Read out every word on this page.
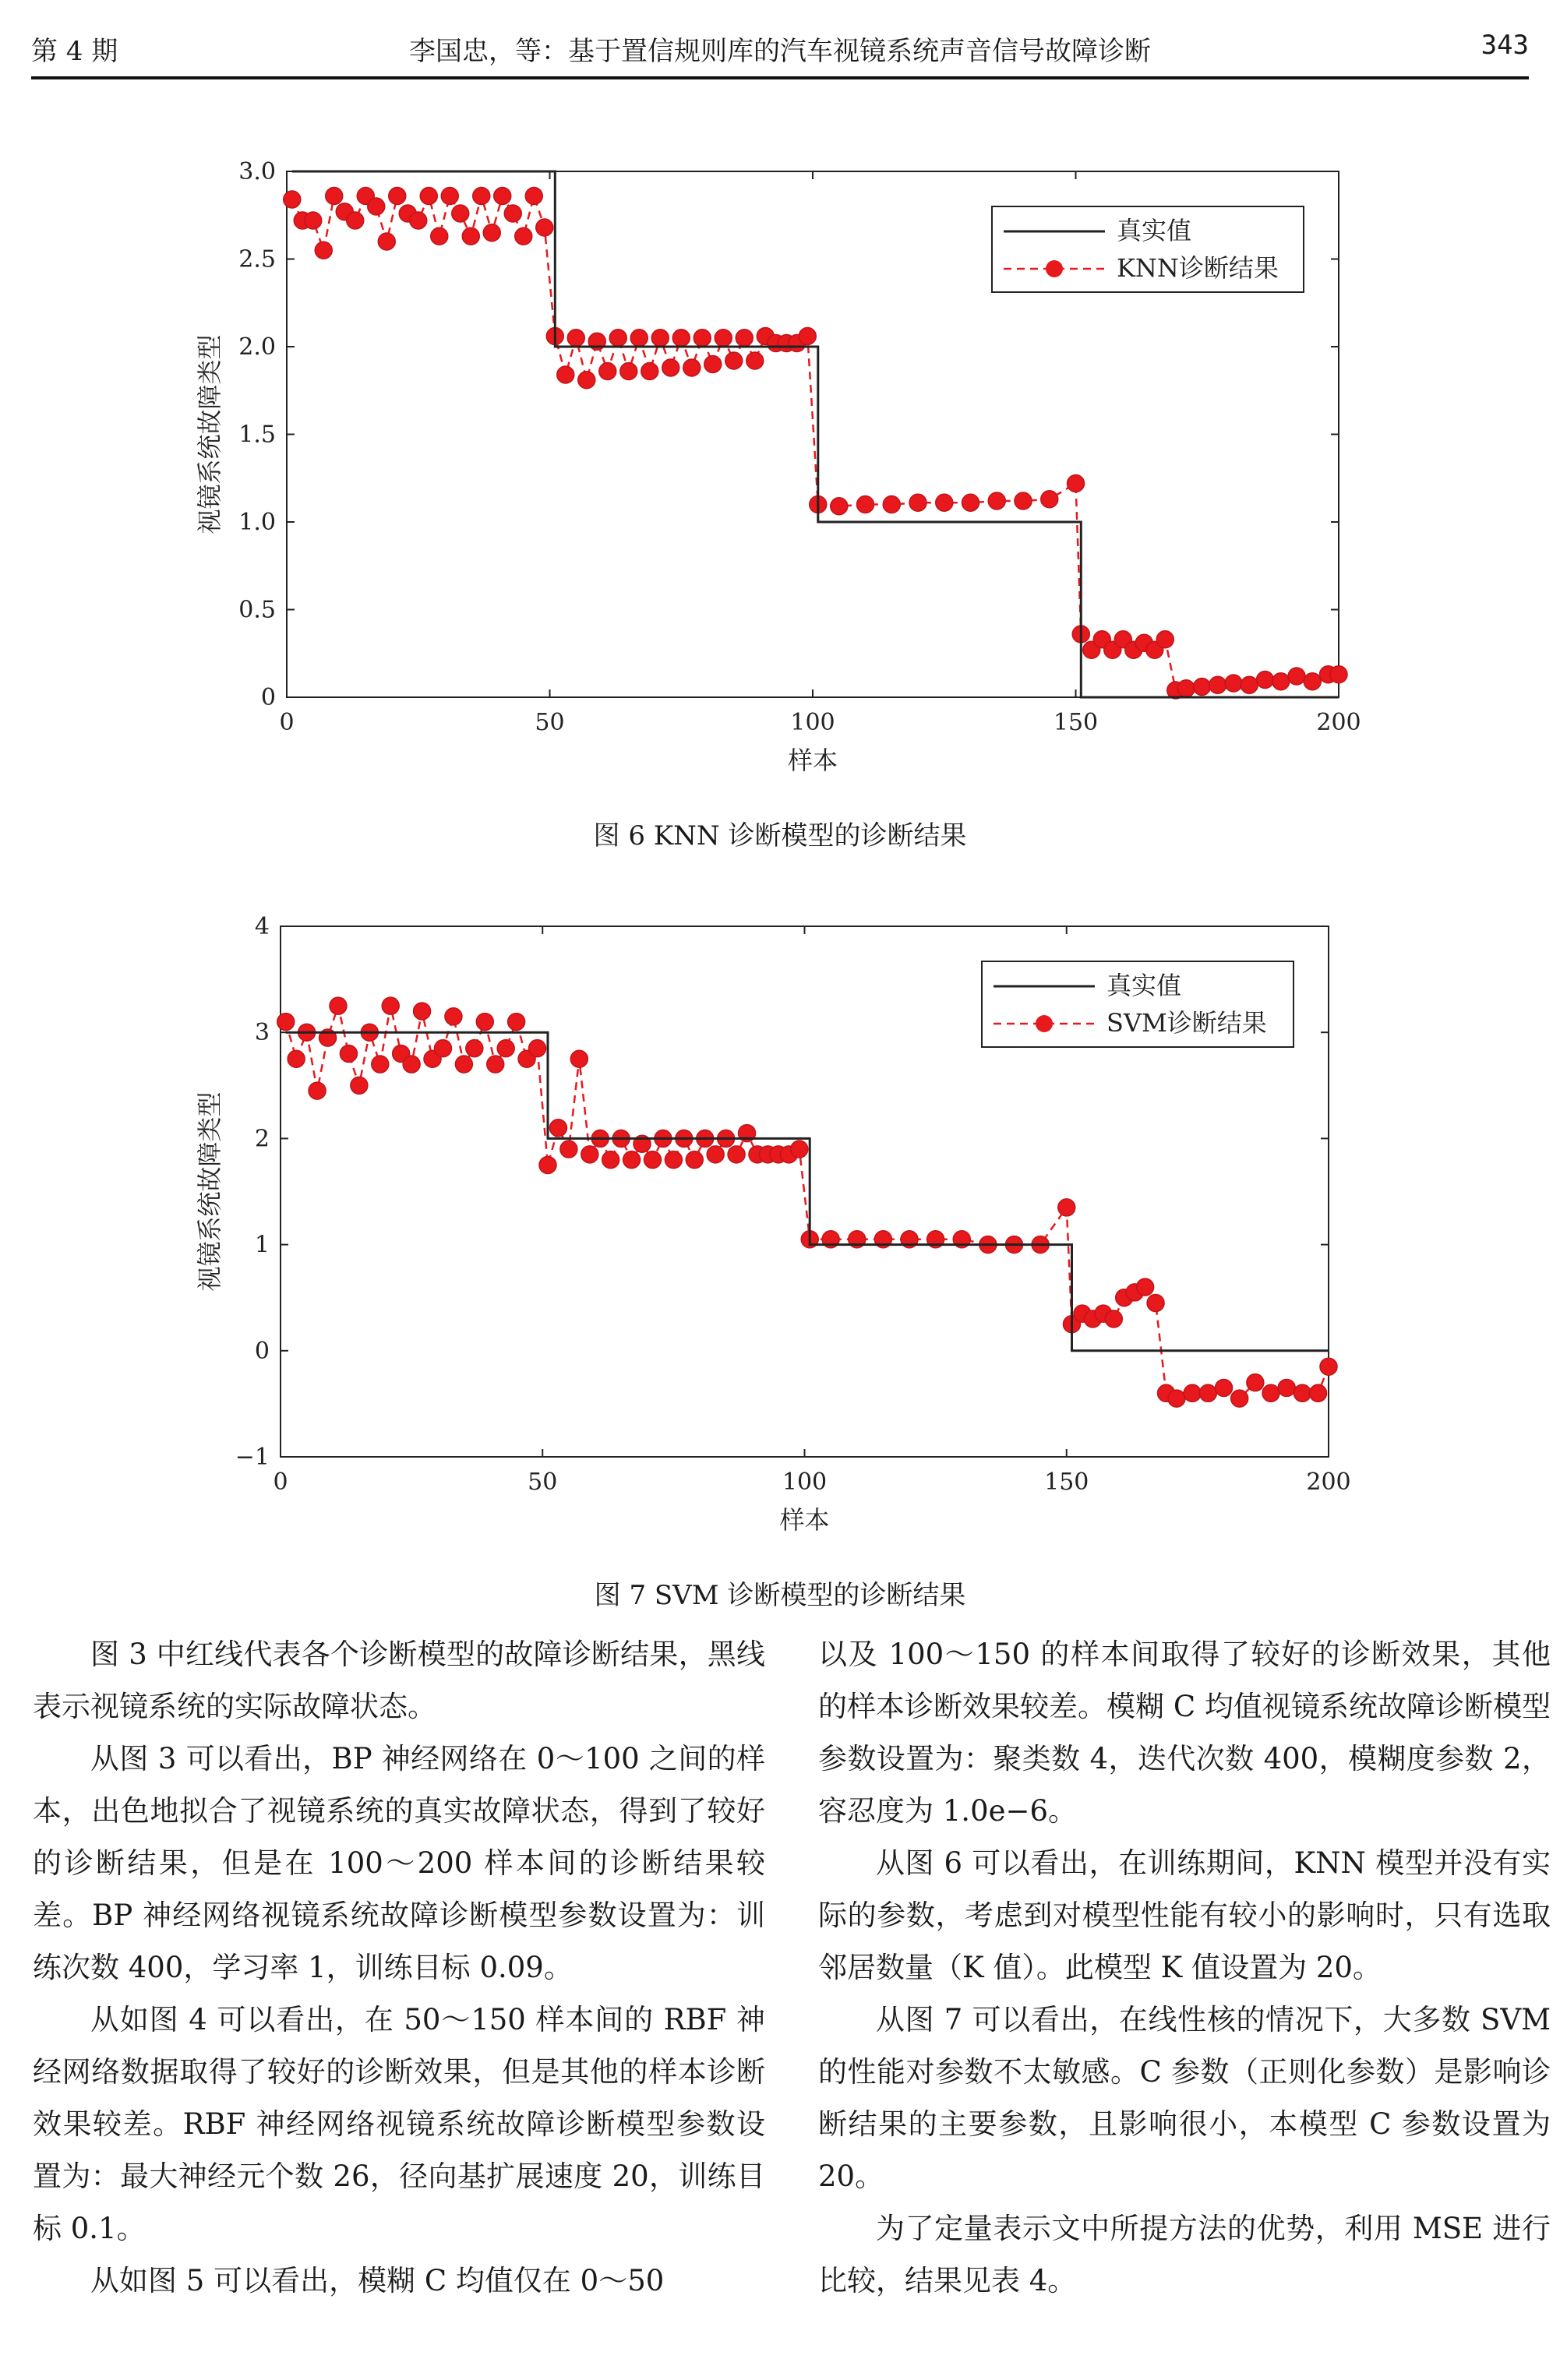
第 4 期	李国忠，等：基于置信规则库的汽车视镜系统声音信号故障诊断	343
0	50	100	150	200
0
0.5
1.0
1.5
2.0
2.5
3.0
样本
视镜系统故障类型
真实值
KNN诊断结果
图 6 KNN 诊断模型的诊断结果
0	50	100	150	200
−1
0
1
2
3
4
样本
视镜系统故障类型
真实值
SVM诊断结果
图 7 SVM 诊断模型的诊断结果

图 3 中红线代表各个诊断模型的故障诊断结果，黑线表示视镜系统的实际故障状态。

从图 3 可以看出，BP 神经网络在 0～100 之间的样本，出色地拟合了视镜系统的真实故障状态，得到了较好的诊断结果，但是在 100～200 样本间的诊断结果较差。BP 神经网络视镜系统故障诊断模型参数设置为：训练次数 400，学习率 1，训练目标 0.09。

从如图 4 可以看出，在 50～150 样本间的 RBF 神经网络数据取得了较好的诊断效果，但是其他的样本诊断效果较差。RBF 神经网络视镜系统故障诊断模型参数设置为：最大神经元个数 26，径向基扩展速度 20，训练目标 0.1。

从如图 5 可以看出，模糊 C 均值仅在 0～50

以及 100～150 的样本间取得了较好的诊断效果，其他的样本诊断效果较差。模糊 C 均值视镜系统故障诊断模型参数设置为：聚类数 4，迭代次数 400，模糊度参数 2，容忍度为 1.0e−6。

从图 6 可以看出，在训练期间，KNN 模型并没有实际的参数，考虑到对模型性能有较小的影响时，只有选取邻居数量（K 值）。此模型 K 值设置为 20。

从图 7 可以看出，在线性核的情况下，大多数 SVM 的性能对参数不太敏感。C 参数（正则化参数）是影响诊断结果的主要参数，且影响很小，本模型 C 参数设置为 20。

为了定量表示文中所提方法的优势，利用 MSE 进行比较，结果见表 4。
